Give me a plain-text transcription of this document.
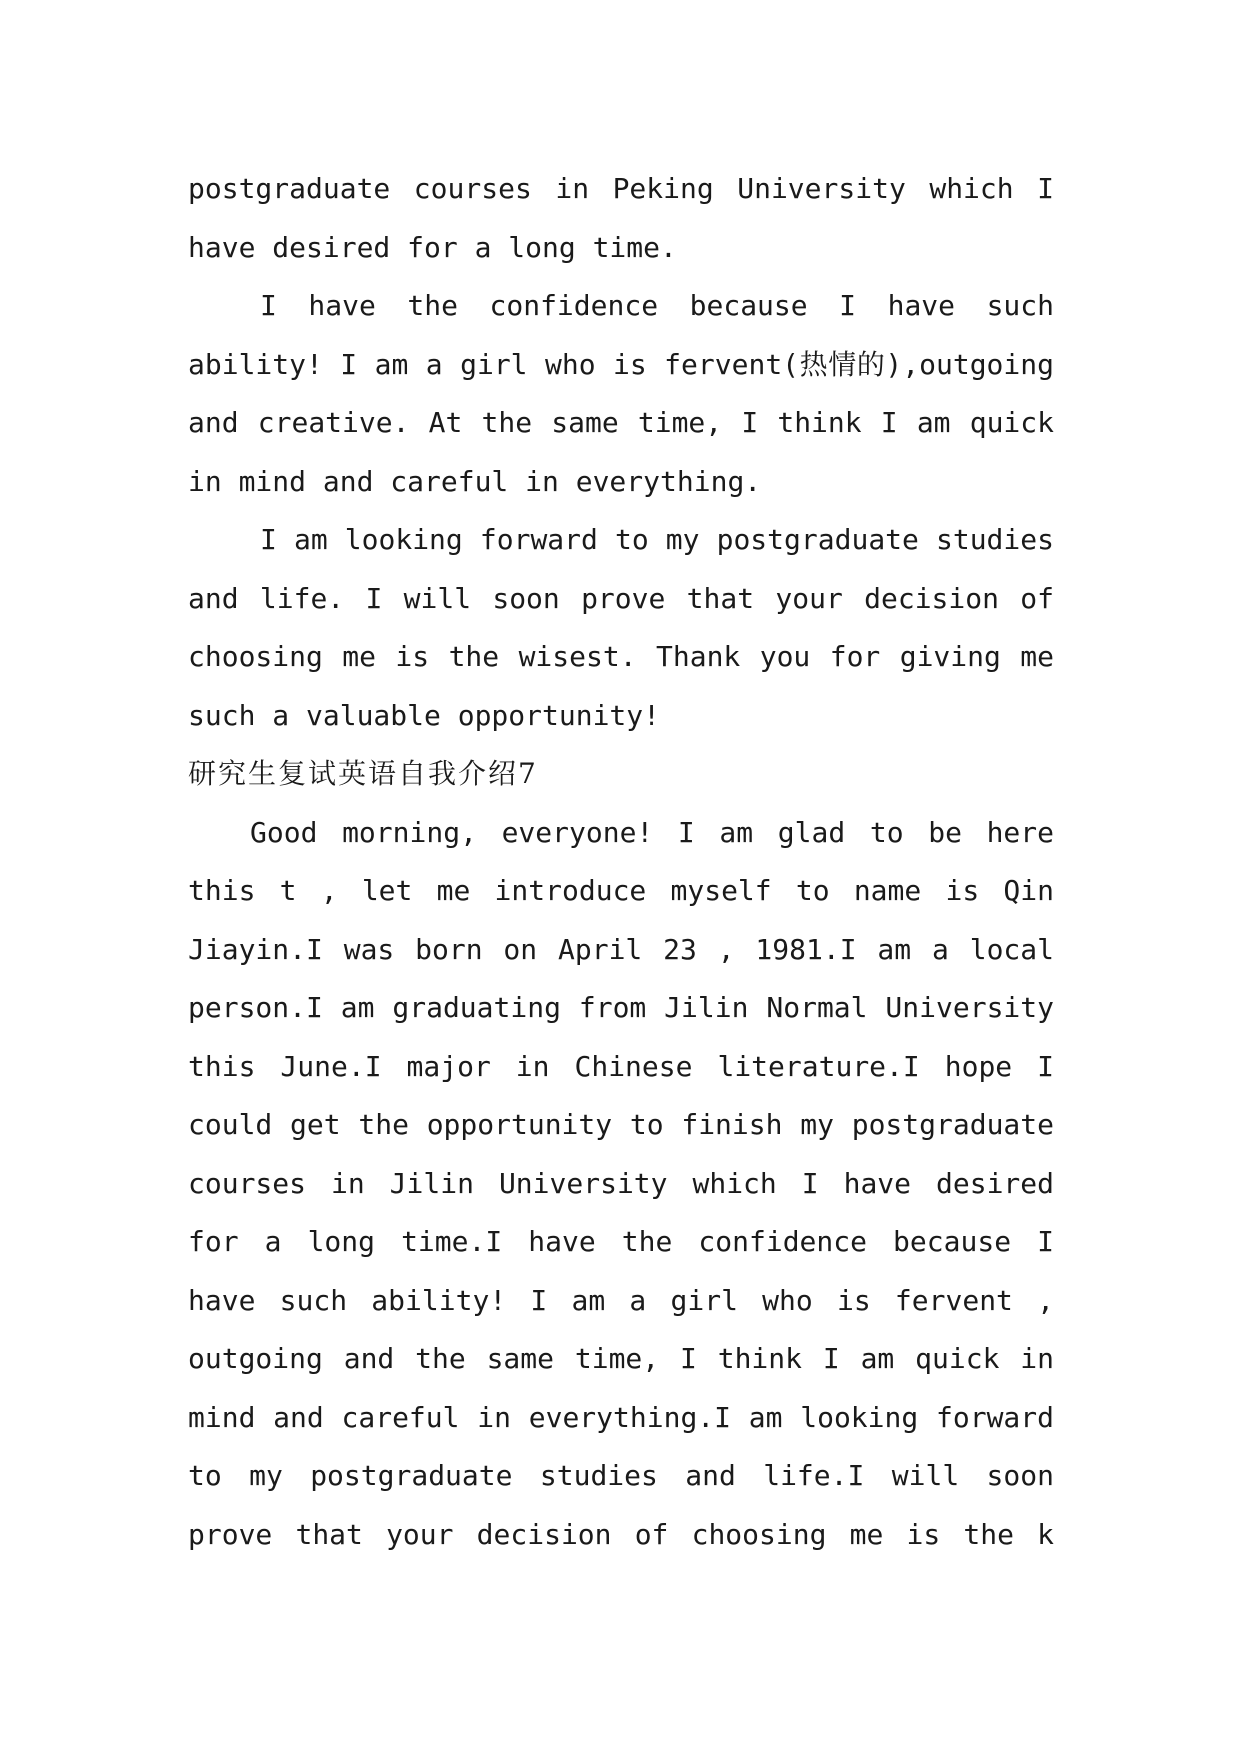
postgraduate courses in Peking University which I
have desired for a long time.
I have the confidence because I have such
ability! I am a girl who is fervent(热情的),outgoing
and creative. At the same time, I think I am quick
in mind and careful in everything.
I am looking forward to my postgraduate studies
and life. I will soon prove that your decision of
choosing me is the wisest. Thank you for giving me
such a valuable opportunity!
研究生复试英语自我介绍7
Good morning, everyone! I am glad to be here
this t , let me introduce myself to name is Qin
Jiayin.I was born on April 23 , 1981.I am a local
person.I am graduating from Jilin Normal University
this June.I major in Chinese literature.I hope I
could get the opportunity to finish my postgraduate
courses in Jilin University which I have desired
for a long time.I have the confidence because I
have such ability! I am a girl who is fervent ,
outgoing and the same time, I think I am quick in
mind and careful in everything.I am looking forward
to my postgraduate studies and life.I will soon
prove that your decision of choosing me is the k
